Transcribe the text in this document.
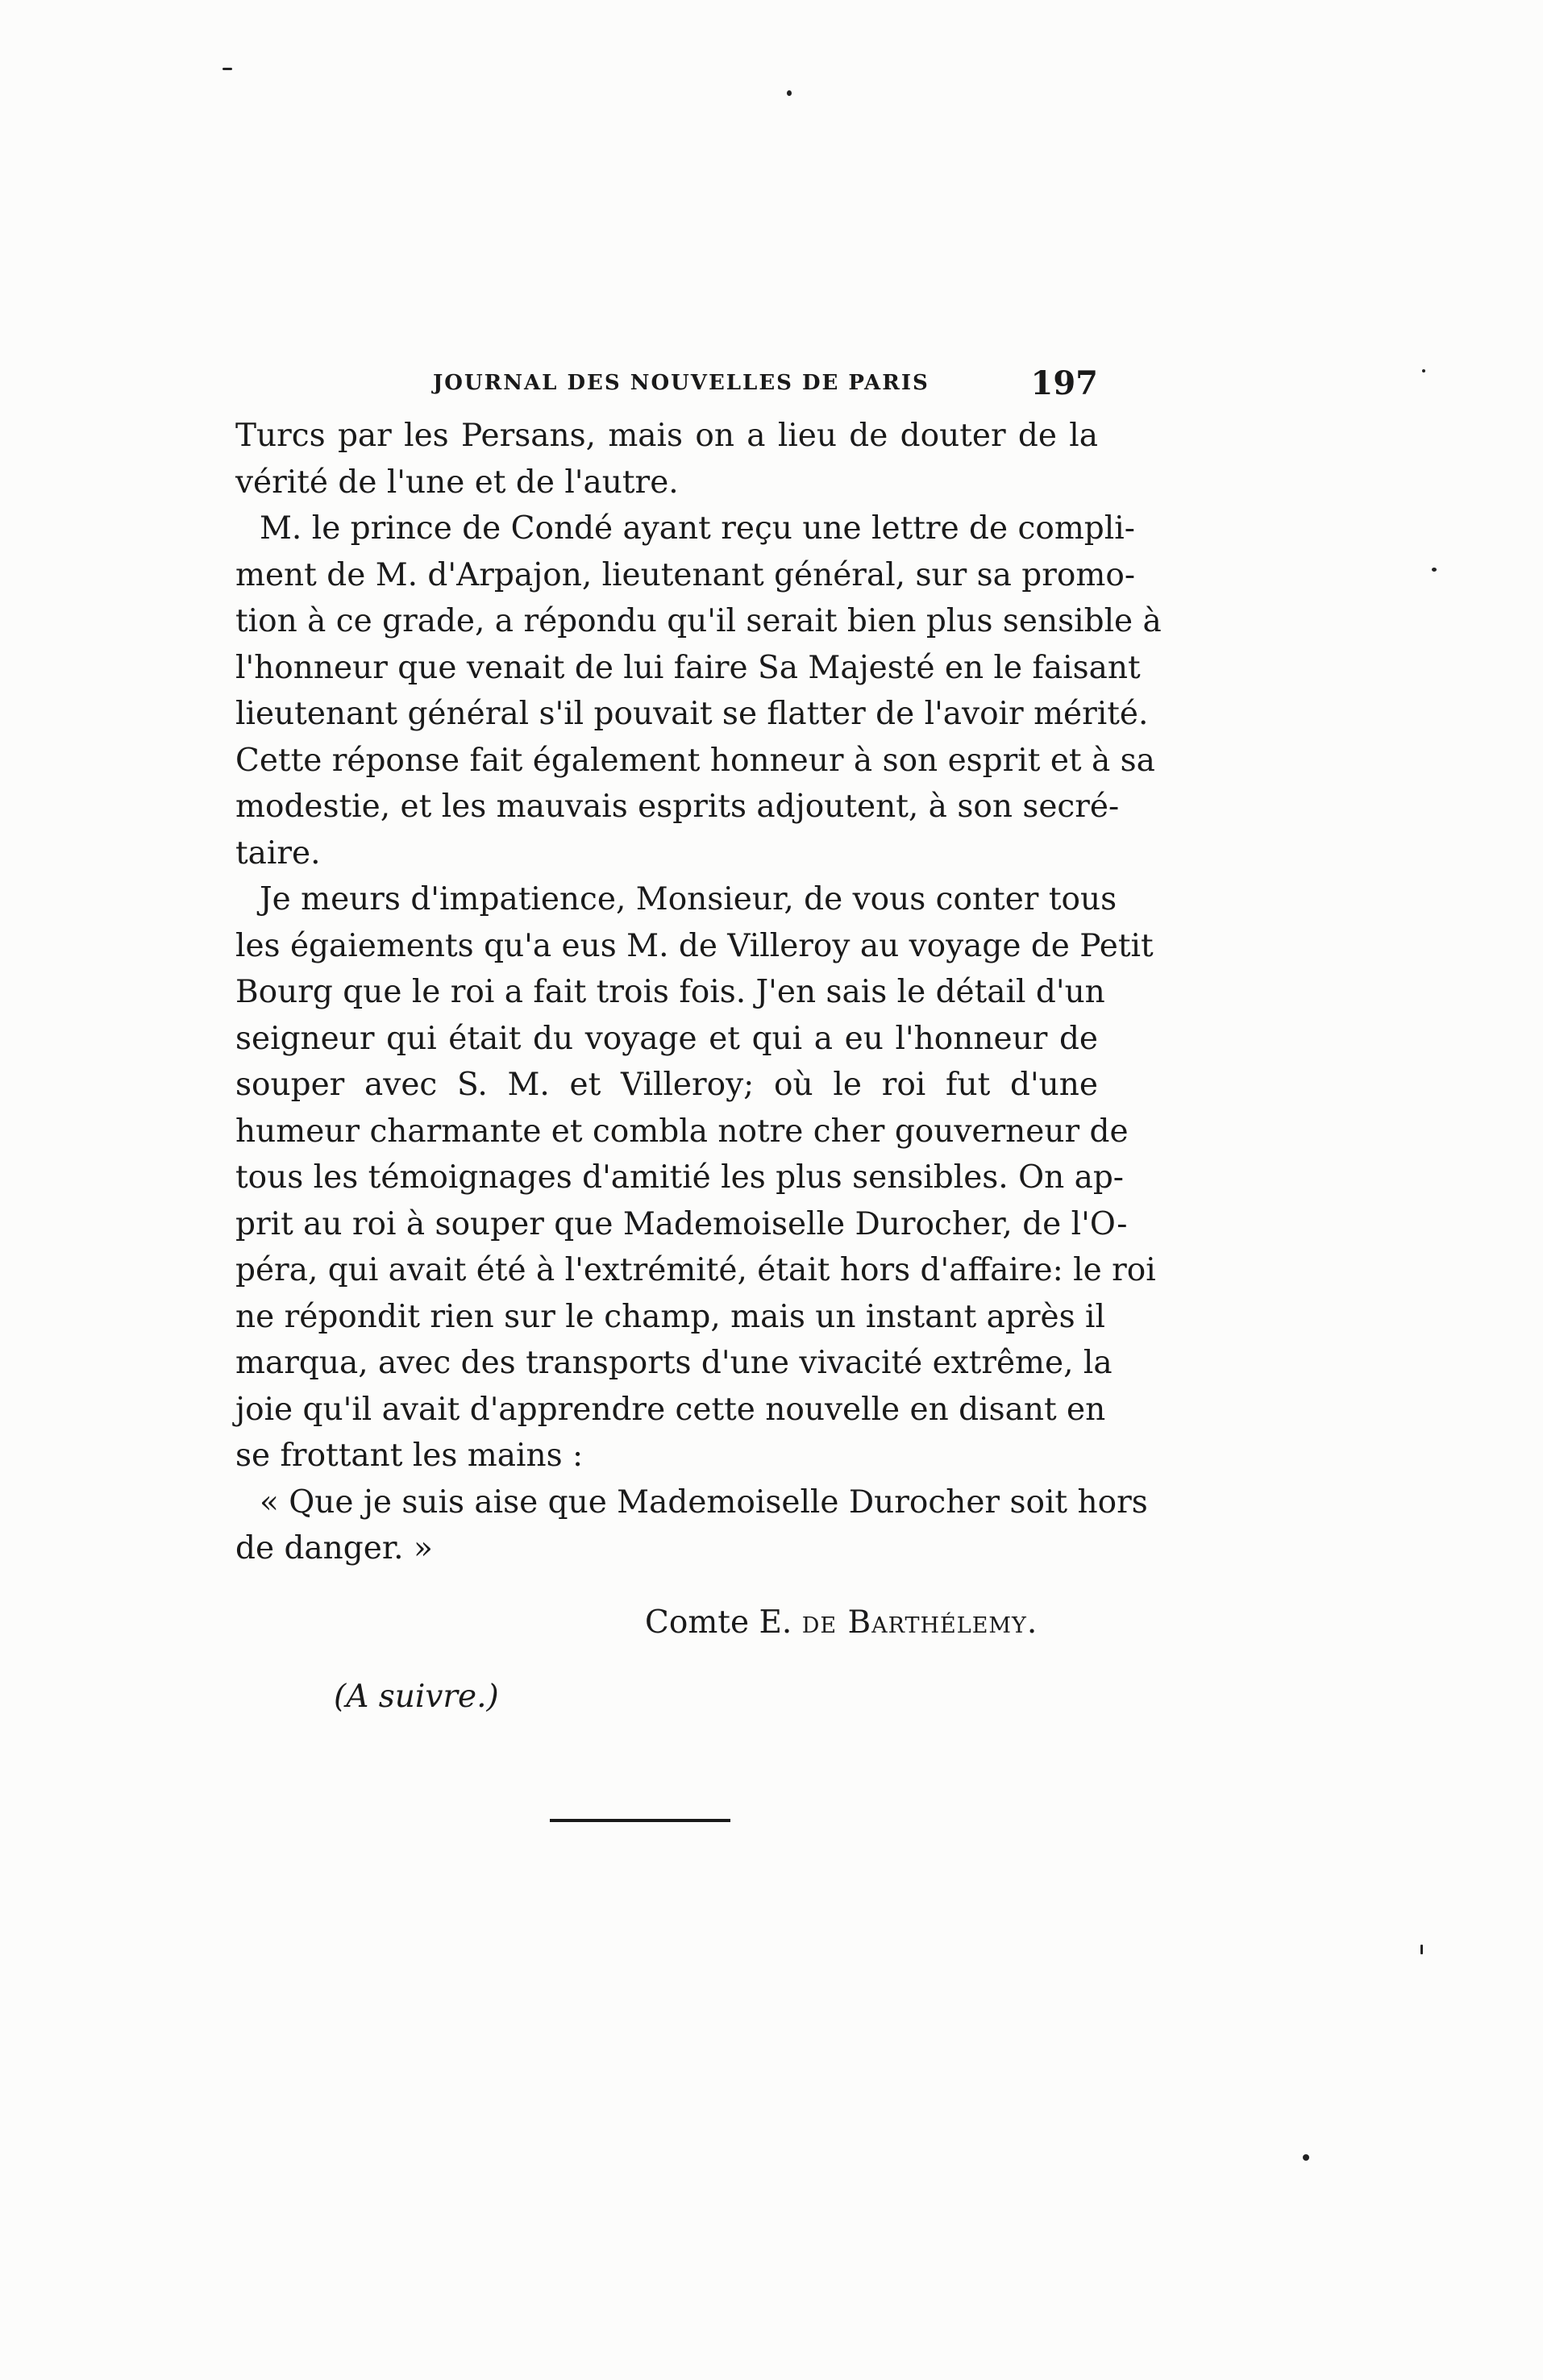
JOURNAL DES NOUVELLES DE PARIS	197
Turcs par les Persans, mais on a lieu de douter de la
vérité de l'une et de l'autre.
M. le prince de Condé ayant reçu une lettre de compli-
ment de M. d'Arpajon, lieutenant général, sur sa promo-
tion à ce grade, a répondu qu'il serait bien plus sensible à
l'honneur que venait de lui faire Sa Majesté en le faisant
lieutenant général s'il pouvait se flatter de l'avoir mérité.
Cette réponse fait également honneur à son esprit et à sa
modestie, et les mauvais esprits adjoutent, à son secré-
taire.
Je meurs d'impatience, Monsieur, de vous conter tous
les égaiements qu'a eus M. de Villeroy au voyage de Petit
Bourg que le roi a fait trois fois. J'en sais le détail d'un
seigneur qui était du voyage et qui a eu l'honneur de
souper avec S. M. et Villeroy; où le roi fut d'une
humeur charmante et combla notre cher gouverneur de
tous les témoignages d'amitié les plus sensibles. On ap-
prit au roi à souper que Mademoiselle Durocher, de l'O-
péra, qui avait été à l'extrémité, était hors d'affaire: le roi
ne répondit rien sur le champ, mais un instant après il
marqua, avec des transports d'une vivacité extrême, la
joie qu'il avait d'apprendre cette nouvelle en disant en
se frottant les mains :
« Que je suis aise que Mademoiselle Durocher soit hors
de danger. »
Comte E. de Barthélemy.
(A suivre.)
